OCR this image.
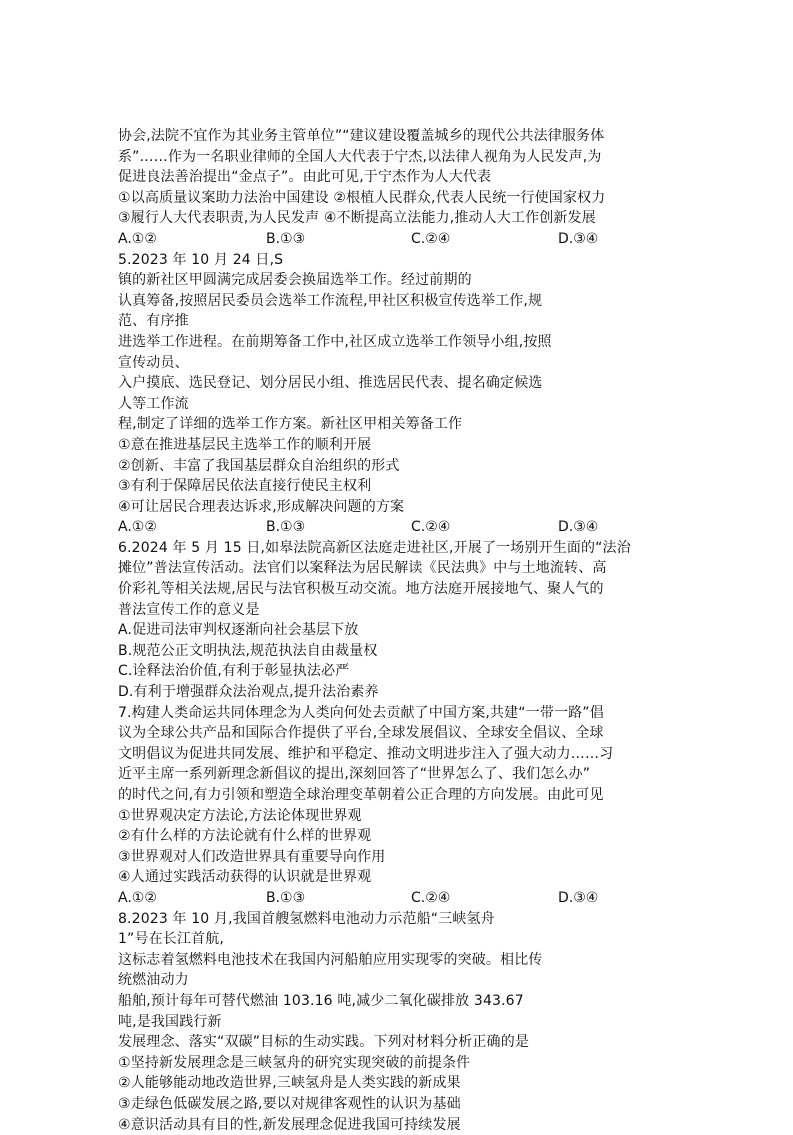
协会,法院不宜作为其业务主管单位”“建议建设覆盖城乡的现代公共法律服务体
系”……作为一名职业律师的全国人大代表于宁杰,以法律人视角为人民发声,为
促进良法善治提出“金点子”。由此可见,于宁杰作为人大代表
①以高质量议案助力法治中国建设 ②根植人民群众,代表人民统一行使国家权力
③履行人大代表职责,为人民发声 ④不断提高立法能力,推动人大工作创新发展
A.①②	B.①③	C.②④	D.③④
5.2023 年 10 月 24 日,S
镇的新社区甲圆满完成居委会换届选举工作。经过前期的
认真筹备,按照居民委员会选举工作流程,甲社区积极宣传选举工作,规
范、有序推
进选举工作进程。在前期筹备工作中,社区成立选举工作领导小组,按照
宣传动员、
入户摸底、选民登记、划分居民小组、推选居民代表、提名确定候选
人等工作流
程,制定了详细的选举工作方案。新社区甲相关筹备工作
①意在推进基层民主选举工作的顺利开展
②创新、丰富了我国基层群众自治组织的形式
③有利于保障居民依法直接行使民主权利
④可让居民合理表达诉求,形成解决问题的方案
A.①②	B.①③	C.②④	D.③④
6.2024 年 5 月 15 日,如皋法院高新区法庭走进社区,开展了一场别开生面的“法治
摊位”普法宣传活动。法官们以案释法为居民解读《民法典》中与土地流转、高
价彩礼等相关法规,居民与法官积极互动交流。地方法庭开展接地气、聚人气的
普法宣传工作的意义是
A.促进司法审判权逐渐向社会基层下放
B.规范公正文明执法,规范执法自由裁量权
C.诠释法治价值,有利于彰显执法必严
D.有利于增强群众法治观点,提升法治素养
7.构建人类命运共同体理念为人类向何处去贡献了中国方案,共建“一带一路”倡
议为全球公共产品和国际合作提供了平台,全球发展倡议、全球安全倡议、全球
文明倡议为促进共同发展、维护和平稳定、推动文明进步注入了强大动力……习
近平主席一系列新理念新倡议的提出,深刻回答了“世界怎么了、我们怎么办”
的时代之问,有力引领和塑造全球治理变革朝着公正合理的方向发展。由此可见
①世界观决定方法论,方法论体现世界观
②有什么样的方法论就有什么样的世界观
③世界观对人们改造世界具有重要导向作用
④人通过实践活动获得的认识就是世界观
A.①②	B.①③	C.②④	D.③④
8.2023 年 10 月,我国首艘氢燃料电池动力示范船“三峡氢舟
1”号在长江首航,
这标志着氢燃料电池技术在我国内河船舶应用实现零的突破。相比传
统燃油动力
船舶,预计每年可替代燃油 103.16 吨,减少二氧化碳排放 343.67
吨,是我国践行新
发展理念、落实“双碳”目标的生动实践。下列对材料分析正确的是
①坚持新发展理念是三峡氢舟的研究实现突破的前提条件
②人能够能动地改造世界,三峡氢舟是人类实践的新成果
③走绿色低碳发展之路,要以对规律客观性的认识为基础
④意识活动具有目的性,新发展理念促进我国可持续发展
